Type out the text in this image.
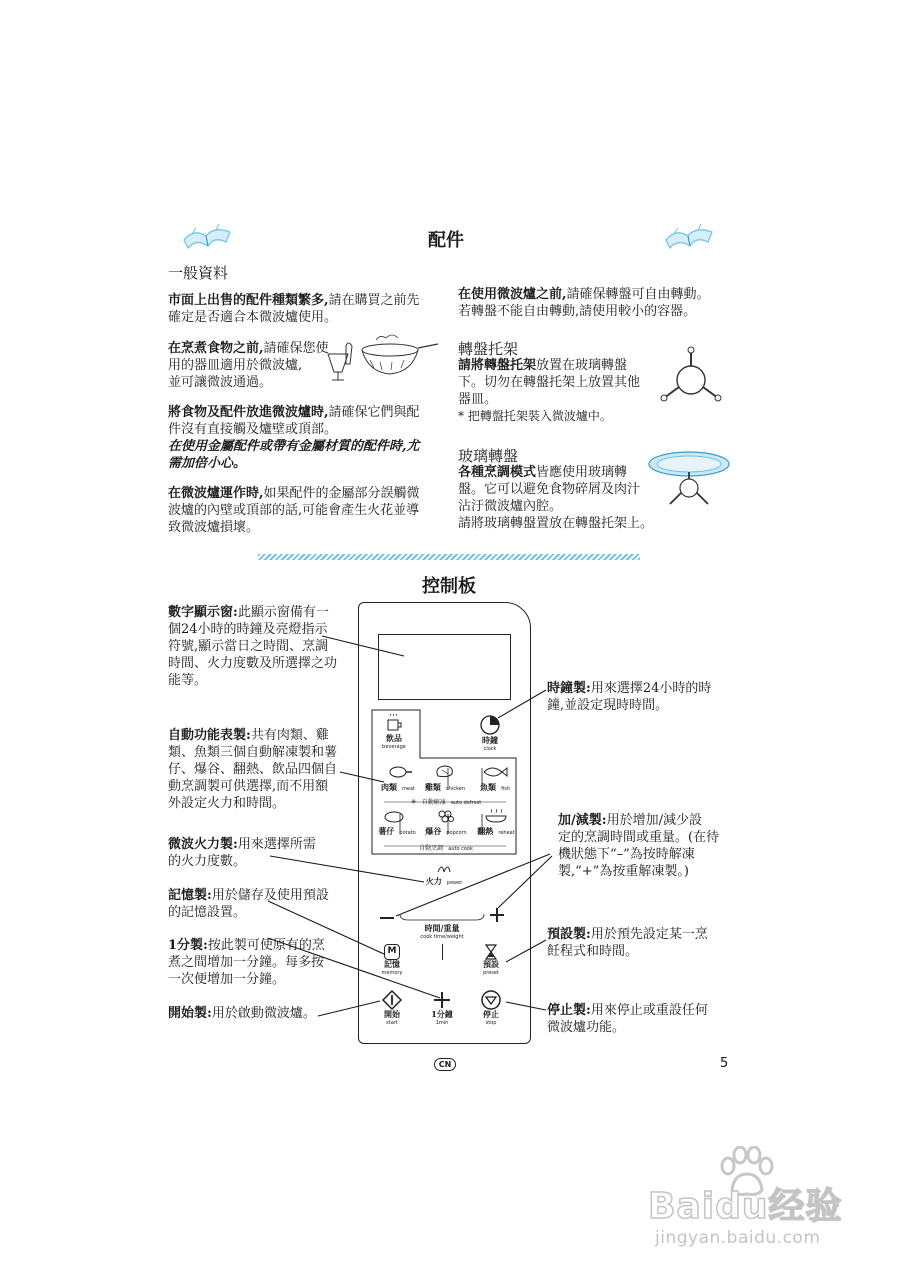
配件
一般資料
市面上出售的配件種類繁多,請在購買之前先
確定是否適合本微波爐使用。
在烹煮食物之前,請確保您使
用的器皿適用於微波爐,
並可讓微波通過。
將食物及配件放進微波爐時,請確保它們與配
件沒有直接觸及爐壁或頂部。
在使用金屬配件或帶有金屬材質的配件時,尤
需加倍小心。
在微波爐運作時,如果配件的金屬部分誤觸微
波爐的內壁或頂部的話,可能會產生火花並導
致微波爐損壞。
在使用微波爐之前,請確保轉盤可自由轉動。
若轉盤不能自由轉動,請使用較小的容器。
轉盤托架
請將轉盤托架放置在玻璃轉盤
下。切勿在轉盤托架上放置其他
器皿。
* 把轉盤托架裝入微波爐中。
玻璃轉盤
各種烹調模式皆應使用玻璃轉
盤。它可以避免食物碎屑及肉汁
沾汙微波爐內腔。
請將玻璃轉盤置放在轉盤托架上。
控制板
數字顯示窗:此顯示窗備有一
個24小時的時鐘及亮燈指示
符號,顯示當日之時間、烹調
時間、火力度數及所選擇之功
能等。
自動功能表製:共有肉類、雞
類、魚類三個自動解凍製和薯
仔、爆谷、翻熱、飲品四個自
動烹調製可供選擇,而不用額
外設定火力和時間。
微波火力製:用來選擇所需
的火力度數。
記憶製:用於儲存及使用預設
的記憶設置。
1分製:按此製可使原有的烹
煮之間增加一分鐘。每多按
一次便增加一分鐘。
開始製:用於啟動微波爐。
時鐘製:用來選擇24小時的時
鐘,並設定現時時間。
加/減製:用於增加/減少設
定的烹調時間或重量。(在待
機狀態下“–”為按時解凍
製,“+”為按重解凍製。)
預設製:用於預先設定某一烹
飪程式和時間。
停止製:用來停止或重設任何
微波爐功能。
飲品
beverage
時鐘
clock
肉類 meat	雞類 chicken	魚類 fish
✳ 自動解凍 auto defrost
薯仔 potato	爆谷 popcorn	翻熱 reheat
自動烹調 auto cook
火力 power
時間/重量
cook time/weight
M
記憶
memory
預設
preset
開始
start
1分鐘
1min
停止
stop
CN	5
Baidu经验
jingyan.baidu.com
